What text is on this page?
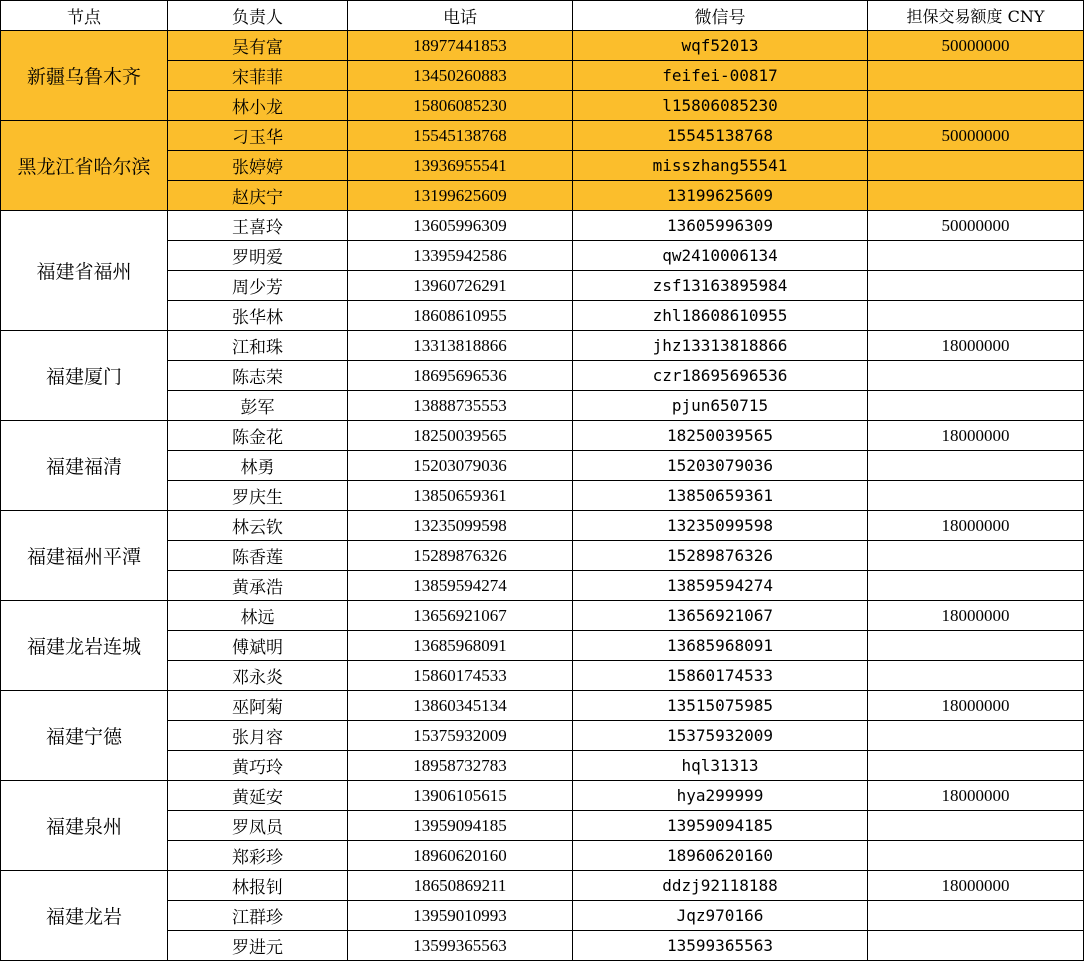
节点	负责人	电话	微信号	担保交易额度 CNY
新疆乌鲁木齐	吴有富	18977441853	wqf52013	50000000
	宋菲菲	13450260883	feifei-00817	
	林小龙	15806085230	l15806085230	
黑龙江省哈尔滨	刁玉华	15545138768	15545138768	50000000
	张婷婷	13936955541	misszhang55541	
	赵庆宁	13199625609	13199625609	
福建省福州	王喜玲	13605996309	13605996309	50000000
	罗明爱	13395942586	qw2410006134	
	周少芳	13960726291	zsf13163895984	
	张华林	18608610955	zhl18608610955	
福建厦门	江和珠	13313818866	jhz13313818866	18000000
	陈志荣	18695696536	czr18695696536	
	彭军	13888735553	pjun650715	
福建福清	陈金花	18250039565	18250039565	18000000
	林勇	15203079036	15203079036	
	罗庆生	13850659361	13850659361	
福建福州平潭	林云钦	13235099598	13235099598	18000000
	陈香莲	15289876326	15289876326	
	黄承浩	13859594274	13859594274	
福建龙岩连城	林远	13656921067	13656921067	18000000
	傅斌明	13685968091	13685968091	
	邓永炎	15860174533	15860174533	
福建宁德	巫阿菊	13860345134	13515075985	18000000
	张月容	15375932009	15375932009	
	黄巧玲	18958732783	hql31313	
福建泉州	黄延安	13906105615	hya299999	18000000
	罗凤员	13959094185	13959094185	
	郑彩珍	18960620160	18960620160	
福建龙岩	林报钊	18650869211	ddzj92118188	18000000
	江群珍	13959010993	Jqz970166	
	罗进元	13599365563	13599365563	
